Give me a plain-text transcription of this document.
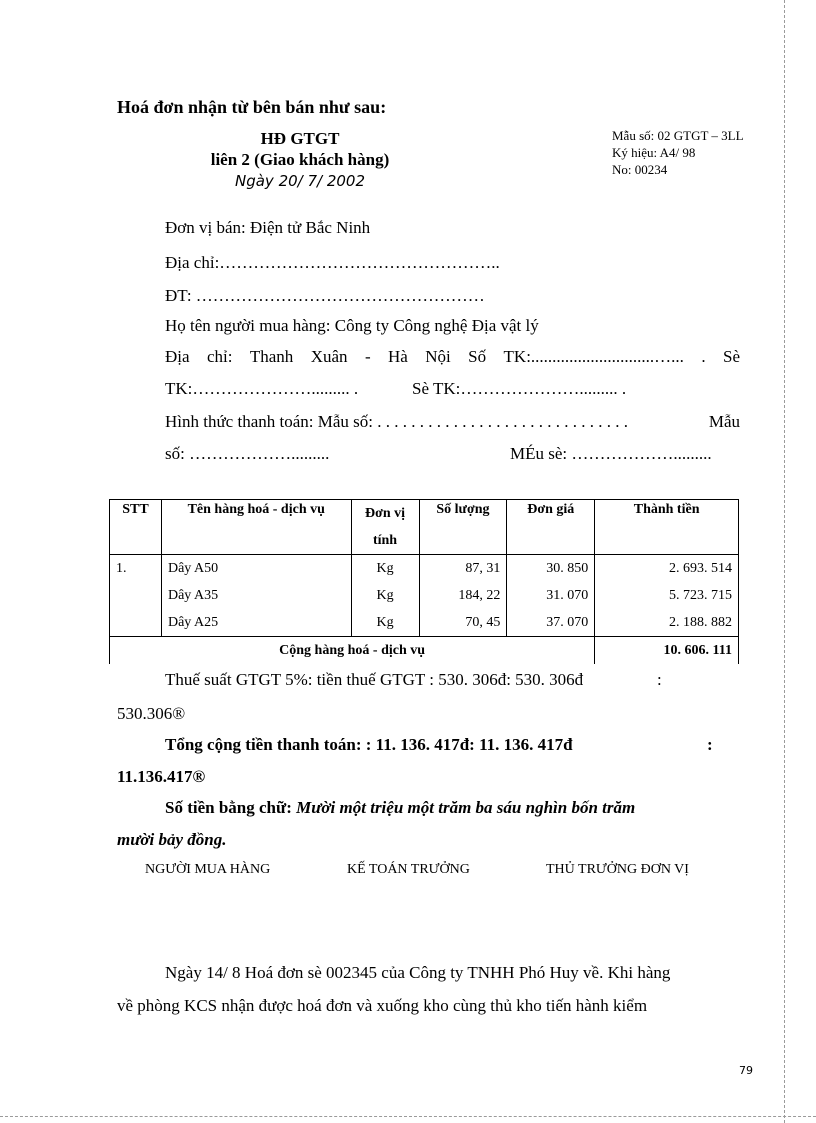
Hoá đơn nhận từ bên bán như sau:
HĐ GTGT
liên 2 (Giao khách hàng)
Ngày 20/ 7/ 2002
Mẫu số: 02 GTGT – 3LL
Ký hiệu: A4/ 98
No: 00234
Đơn vị bán: Điện tử Bắc Ninh
Địa chỉ:…………………………………………..
ĐT: ……………………………………………
Họ tên người mua hàng: Công ty Công nghệ Địa vật lý
Địa chỉ: Thanh Xuân - Hà Nội Số TK:.............................…... . Sè
TK:…………………......... .	Sè TK:…………………......... .
Hình thức thanh toán: Mẫu số: . . . . . . . . . . . . . . . . . . . . . . . . . . . . . .	Mẫu
số: ……………….........	MÉu sè: ……………….........
STT	Tên hàng hoá - dịch vụ	Đơn vị tính	Số lượng	Đơn giá	Thành tiền
1.	Dây A50	Kg	87, 31	30. 850	2. 693. 514
	Dây A35	Kg	184, 22	31. 070	5. 723. 715
	Dây A25	Kg	70, 45	37. 070	2. 188. 882
Cộng hàng hoá - dịch vụ					10. 606. 111
Thuế suất GTGT 5%: tiền thuế GTGT : 530. 306đ: 530. 306đ	:
530.306®
Tổng cộng tiền thanh toán: : 11. 136. 417đ: 11. 136. 417đ	:
11.136.417®
Số tiền bằng chữ: Mười một triệu một trăm ba sáu nghìn bốn trăm
mười bảy đồng.
NGƯỜI MUA HÀNG	KẾ TOÁN TRƯỞNG	THỦ TRƯỞNG ĐƠN VỊ
Ngày 14/ 8 Hoá đơn sè 002345 của Công ty TNHH Phó Huy về. Khi hàng
về phòng KCS nhận được hoá đơn và xuống kho cùng thủ kho tiến hành kiểm
79
